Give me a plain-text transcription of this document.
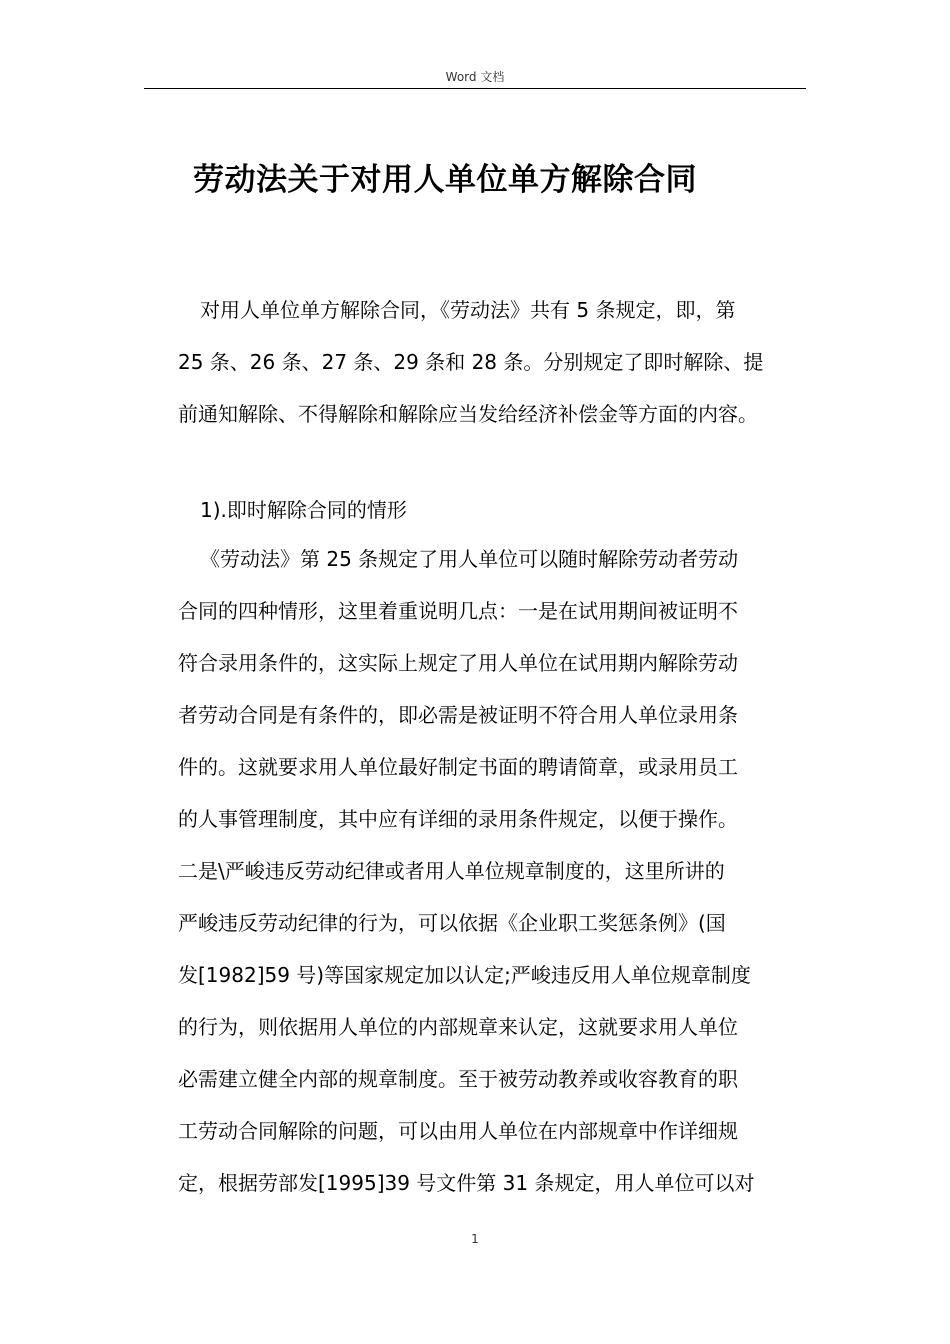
Word 文档
劳动法关于对用人单位单方解除合同
对用人单位单方解除合同，《劳动法》共有 5 条规定，即，第
25 条、26 条、27 条、29 条和 28 条。分别规定了即时解除、提
前通知解除、不得解除和解除应当发给经济补偿金等方面的内容。
1).即时解除合同的情形
《劳动法》第 25 条规定了用人单位可以随时解除劳动者劳动
合同的四种情形，这里着重说明几点：一是在试用期间被证明不
符合录用条件的，这实际上规定了用人单位在试用期内解除劳动
者劳动合同是有条件的，即必需是被证明不符合用人单位录用条
件的。这就要求用人单位最好制定书面的聘请简章，或录用员工
的人事管理制度，其中应有详细的录用条件规定，以便于操作。
二是\严峻违反劳动纪律或者用人单位规章制度的，这里所讲的
严峻违反劳动纪律的行为，可以依据《企业职工奖惩条例》(国
发[1982]59 号)等国家规定加以认定;严峻违反用人单位规章制度
的行为，则依据用人单位的内部规章来认定，这就要求用人单位
必需建立健全内部的规章制度。至于被劳动教养或收容教育的职
工劳动合同解除的问题，可以由用人单位在内部规章中作详细规
定，根据劳部发[1995]39 号文件第 31 条规定，用人单位可以对
1
